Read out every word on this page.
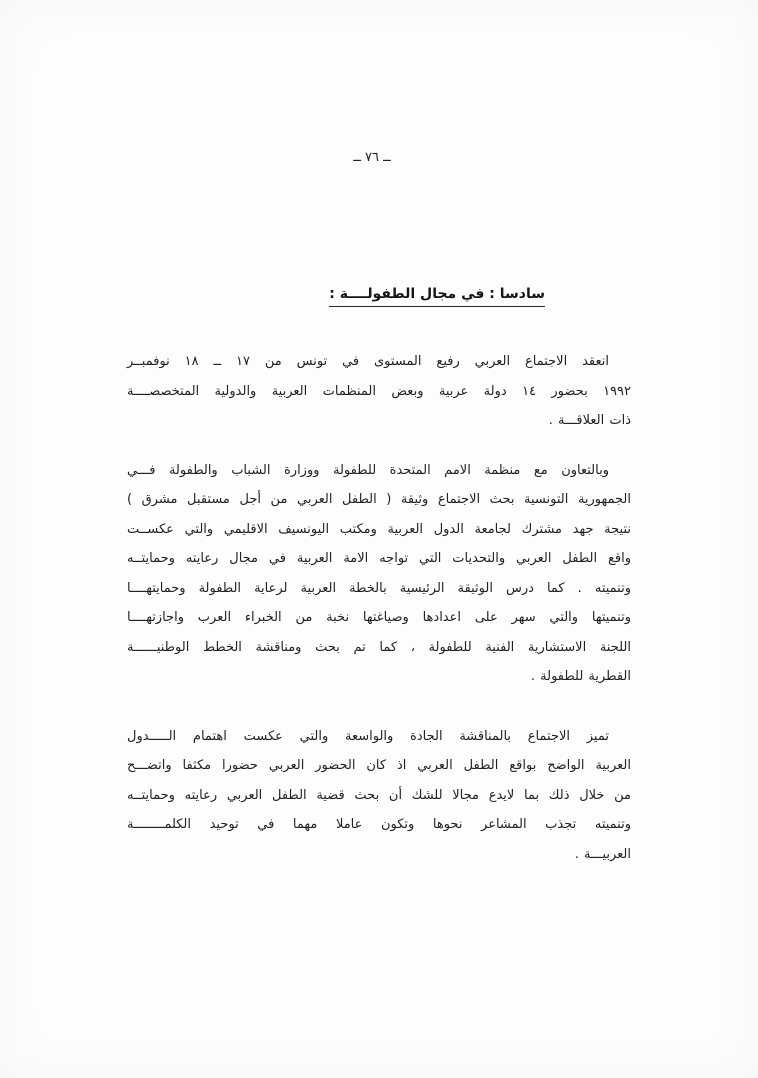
ــ ٧٦ ــ
سادسا : في مجال الطفولــــة :
انعقد الاجتماع العربي رفيع المستوى في تونس من ١٧ ــ ١٨ نوفمبــر
١٩٩٢ بحضور ١٤ دولة عربية وبعض المنظمات العربية والدولية المتخصصــــة
ذات العلاقـــة .
وبالتعاون مع منظمة الامم المتحدة للطفولة ووزارة الشباب والطفولة فـــي
الجمهورية التونسية بحث الاجتماع وثيقة ( الطفل العربي من أجل مستقبل مشرق )
نتيجة جهد مشترك لجامعة الدول العربية ومكتب اليونسيف الاقليمي والتي عكســت
واقع الطفل العربي والتحديات التي تواجه الامة العربية في مجال رعايته وحمايتــه
وتنميته . كما درس الوثيقة الرئيسية بالخطة العربية لرعاية الطفولة وحمايتهــــا
وتنميتها والتي سهر على اعدادها وصياغتها نخبة من الخبراء العرب واجازتهــــا
اللجنة الاستشارية الفنية للطفولة ، كما تم بحث ومناقشة الخطط الوطنيــــــة
القطرية للطفولة .
تميز الاجتماع بالمناقشة الجادة والواسعة والتي عكست اهتمام الـــــدول
العربية الواضح بواقع الطفل العربي اذ كان الحضور العربي حضورا مكثفا واتضـــح
من خلال ذلك بما لايدع مجالا للشك أن بحث قضية الطفل العربي رعايته وحمايتــه
وتنميته تجذب المشاعر نحوها وتكون عاملا مهما في توحيد الكلمــــــــة
العربيـــة .
